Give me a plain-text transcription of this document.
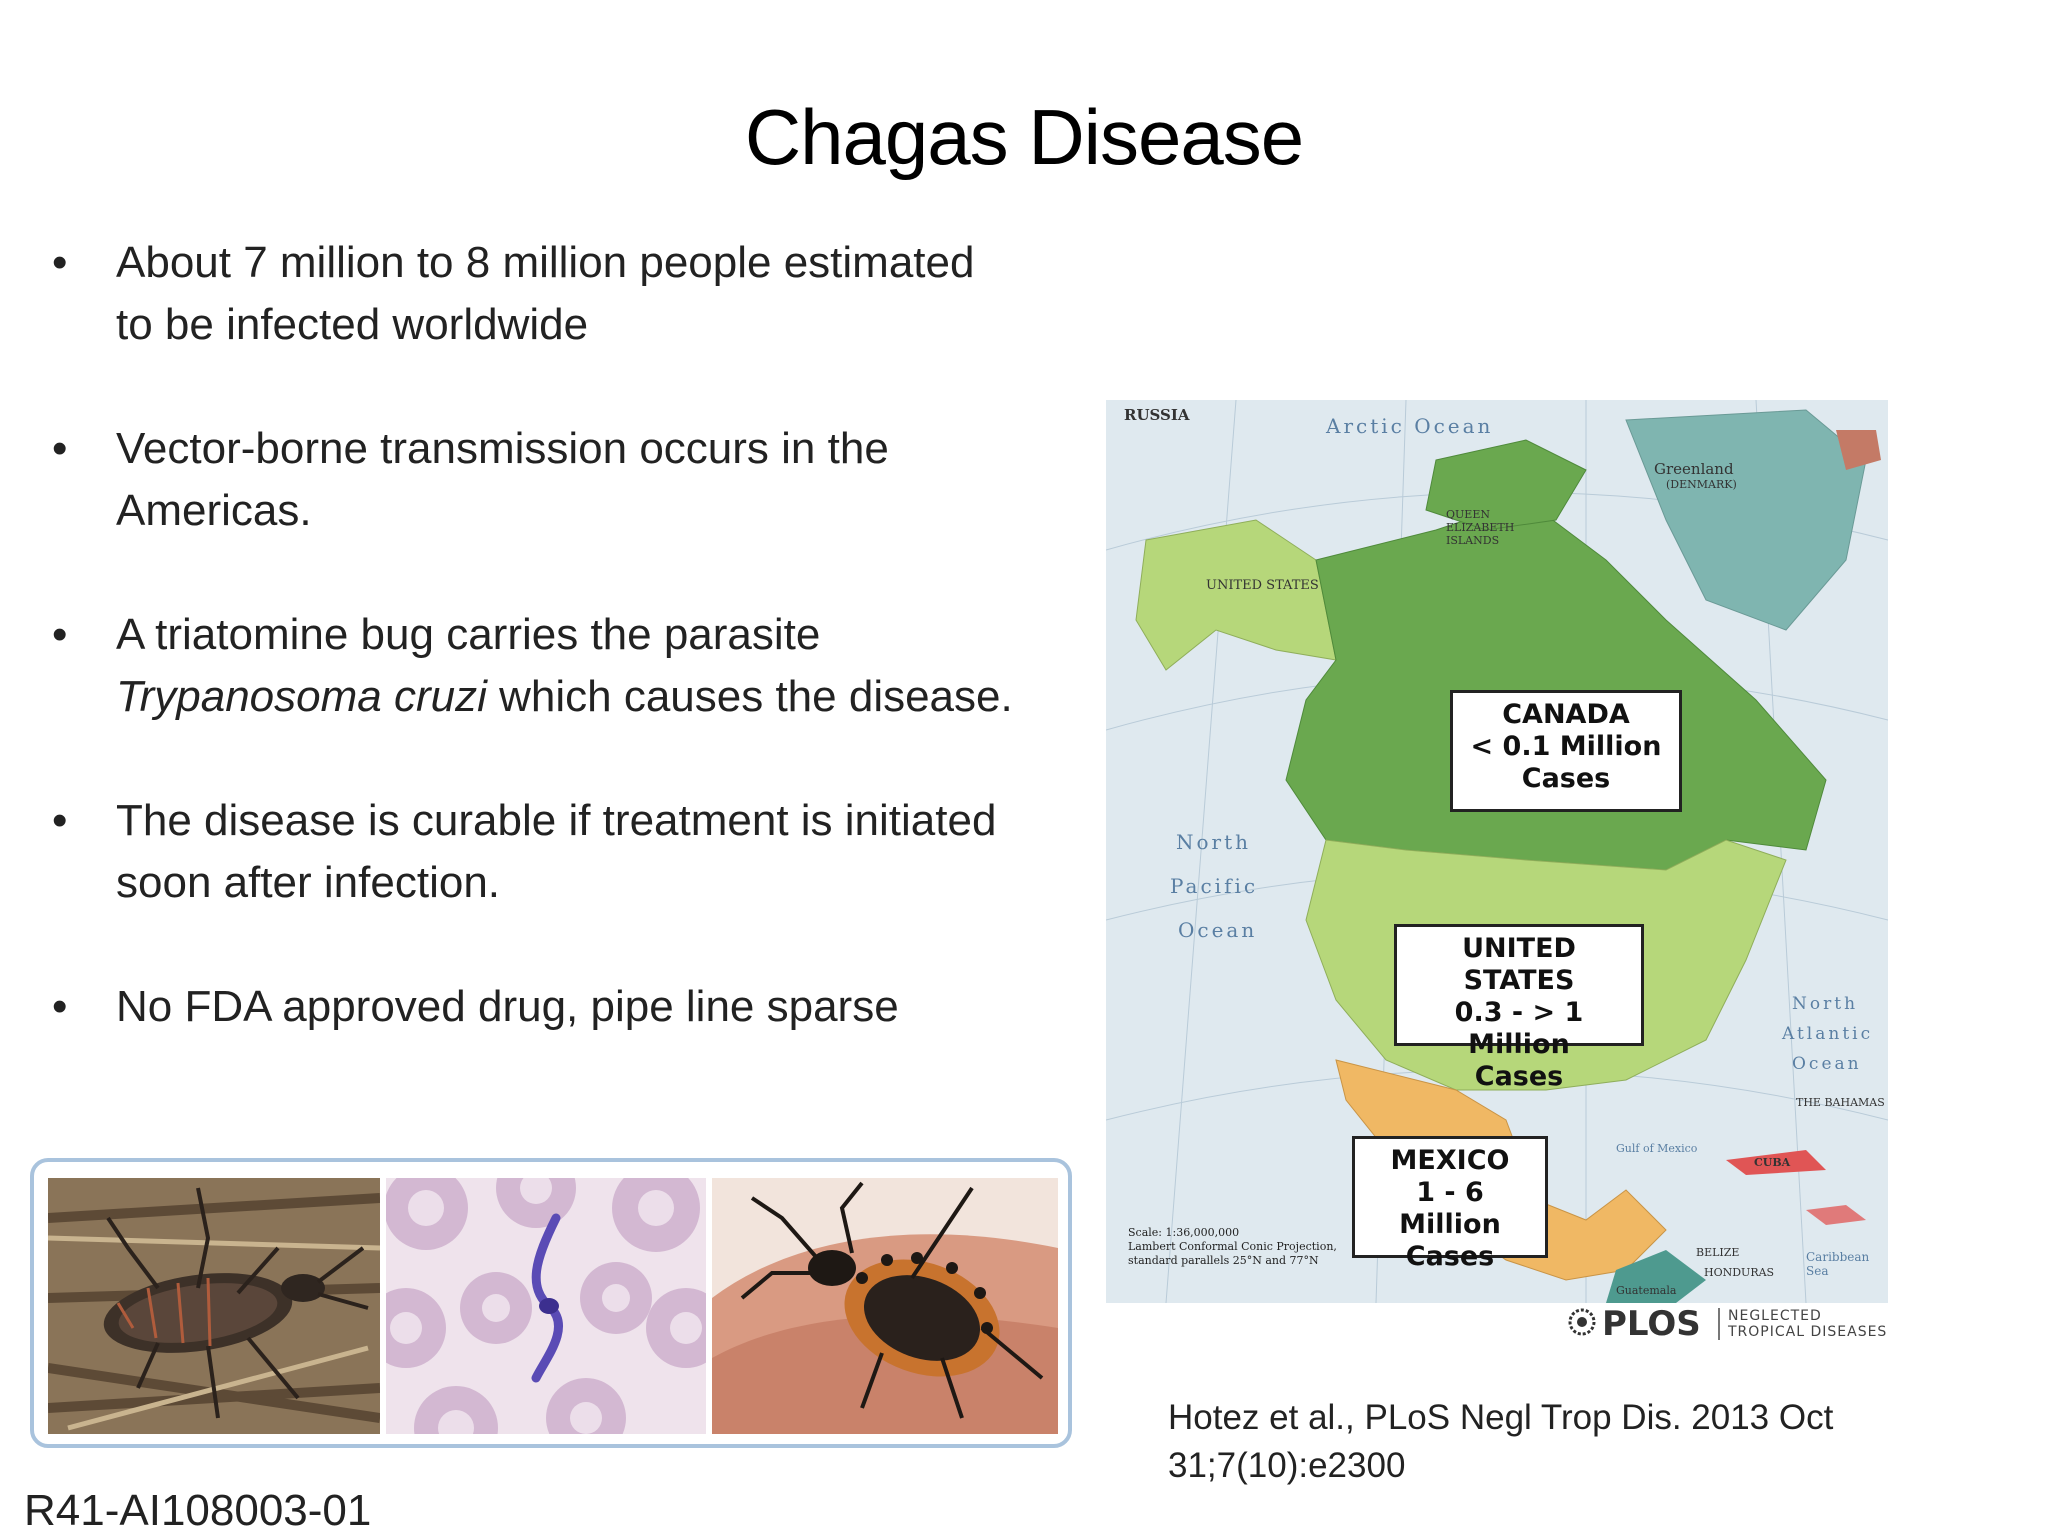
Chagas Disease
• About 7 million to 8 million people estimated to be infected worldwide
• Vector-borne transmission occurs in the Americas.
• A triatomine bug carries the parasite Trypanosoma cruzi which causes the disease.
• The disease is curable if treatment is initiated soon after infection.
• No FDA approved drug, pipe line sparse
RUSSIA	Arctic Ocean
Greenland
(DENMARK)
UNITED STATES
QUEEN ELIZABETH ISLANDS
North
Pacific
Ocean
North
Atlantic
Ocean
THE BAHAMAS
Gulf of Mexico
CUBA
Caribbean Sea
BELIZE
HONDURAS
Guatemala
Scale: 1:36,000,000
Lambert Conformal Conic Projection,
standard parallels 25°N and 77°N
CANADA
< 0.1 Million
Cases
UNITED STATES
0.3 - > 1 Million
Cases
MEXICO
1 - 6 Million
Cases
PLOS NEGLECTED
TROPICAL DISEASES
Hotez et al., PLoS Negl Trop Dis. 2013 Oct
31;7(10):e2300
R41-AI108003-01
